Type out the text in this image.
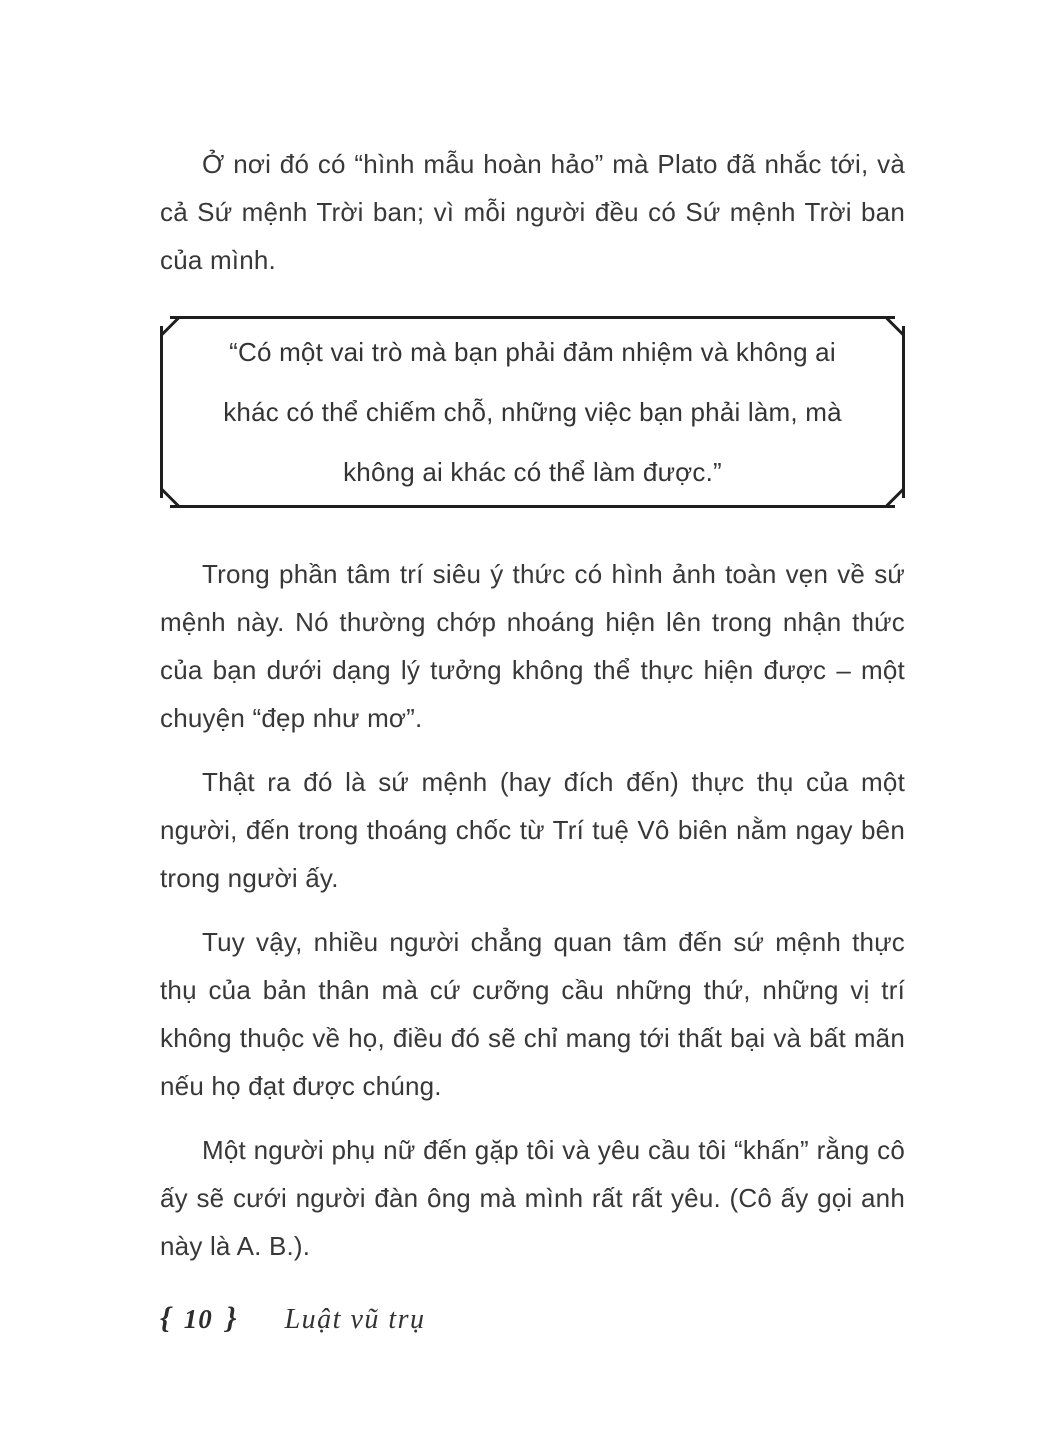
Ở nơi đó có “hình mẫu hoàn hảo” mà Plato đã nhắc tới, và cả Sứ mệnh Trời ban; vì mỗi người đều có Sứ mệnh Trời ban của mình.

“Có một vai trò mà bạn phải đảm nhiệm và không ai
khác có thể chiếm chỗ, những việc bạn phải làm, mà
không ai khác có thể làm được.”

Trong phần tâm trí siêu ý thức có hình ảnh toàn vẹn về sứ mệnh này. Nó thường chớp nhoáng hiện lên trong nhận thức của bạn dưới dạng lý tưởng không thể thực hiện được – một chuyện “đẹp như mơ”.

Thật ra đó là sứ mệnh (hay đích đến) thực thụ của một người, đến trong thoáng chốc từ Trí tuệ Vô biên nằm ngay bên trong người ấy.

Tuy vậy, nhiều người chẳng quan tâm đến sứ mệnh thực thụ của bản thân mà cứ cưỡng cầu những thứ, những vị trí không thuộc về họ, điều đó sẽ chỉ mang tới thất bại và bất mãn nếu họ đạt được chúng.

Một người phụ nữ đến gặp tôi và yêu cầu tôi “khấn” rằng cô ấy sẽ cưới người đàn ông mà mình rất rất yêu. (Cô ấy gọi anh này là A. B.).

{ 10 } Luật vũ trụ
